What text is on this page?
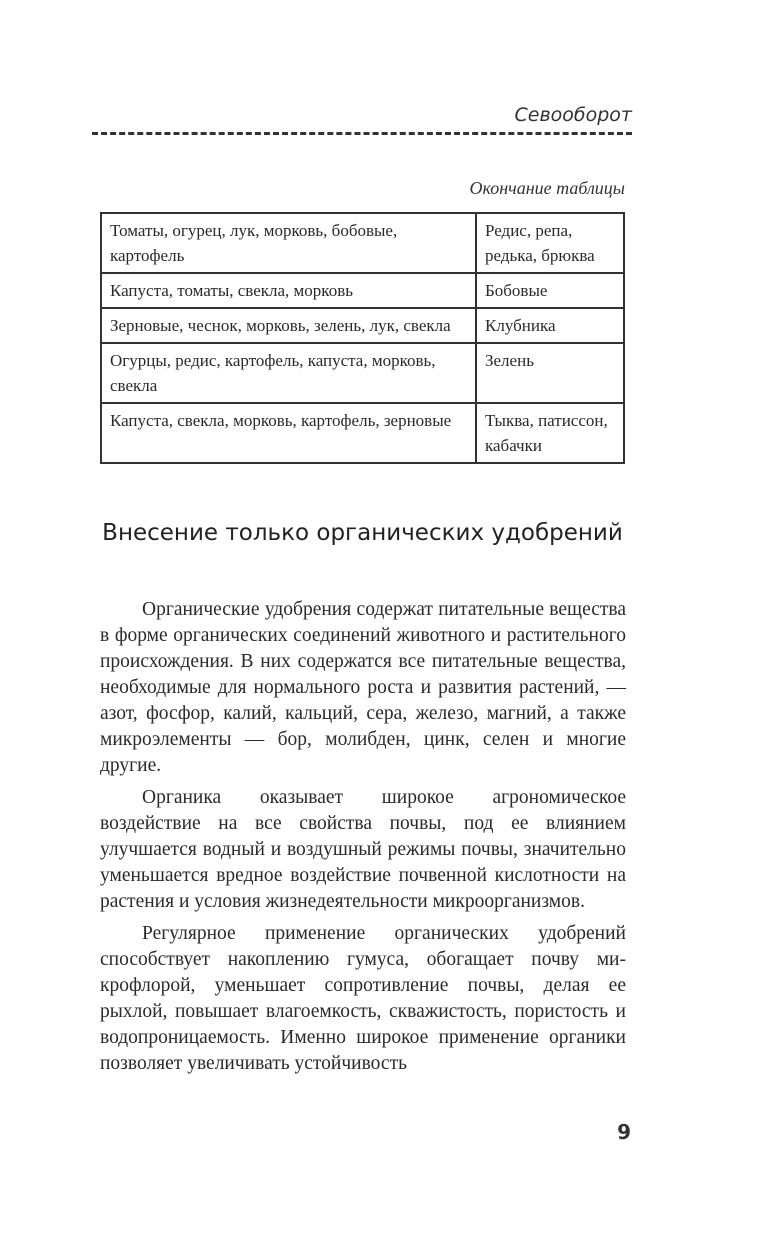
Севооборот
Окончание таблицы
Томаты, огурец, лук, морковь, бобовые, картофель	Редис, репа, редька, брюква
Капуста, томаты, свекла, морковь	Бобовые
Зерновые, чеснок, морковь, зелень, лук, свекла	Клубника
Огурцы, редис, картофель, капуста, морковь, свекла	Зелень
Капуста, свекла, морковь, картофель, зерновые	Тыква, патиссон, кабачки
Внесение только органических удобрений

Органические удобрения содержат питательные вещества в форме органических соединений животного и растительного происхождения. В них содержатся все питательные вещества, необходимые для нормального роста и развития растений, — азот, фосфор, калий, кальций, сера, железо, магний, а также микроэлементы — бор, молибден, цинк, селен и многие другие.

Органика оказывает широкое агрономическое воздействие на все свойства почвы, под ее влиянием улучшается водный и воздушный режимы почвы, значительно уменьшается вредное воздействие почвенной кислотности на растения и условия жизнедеятельности микроорганизмов.

Регулярное применение органических удобрений способствует накоплению гумуса, обогащает почву микрофлорой, уменьшает сопротивление почвы, делая ее рыхлой, повышает влагоемкость, скважистость, пористость и водопроницаемость. Именно широкое применение органики позволяет увеличивать устойчивость

9
